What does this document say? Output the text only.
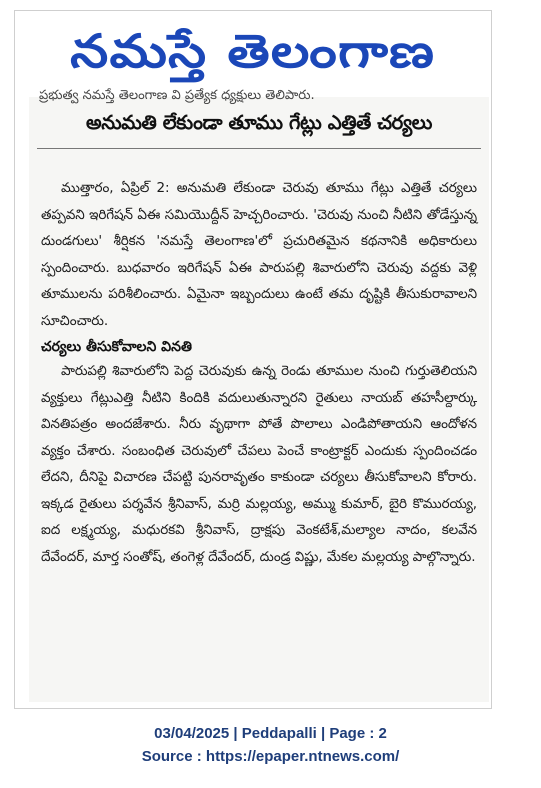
నమస్తే తెలంగాణ
ప్రభుత్వ నమస్తే తెలంగాణ వి ప్రత్యేక ధ్యక్షులు తెలిపారు.
అనుమతి లేకుండా తూము గేట్లు ఎత్తితే చర్యలు

ముత్తారం, ఏప్రిల్ 2: అనుమతి లేకుండా చెరువు తూము గేట్లు ఎత్తితే చర్యలు తప్పవని ఇరిగేషన్ ఏఈ సమియొద్దీన్ హెచ్చరించారు. 'చెరువు నుంచి నీటిని తోడేస్తున్న దుండగులు' శీర్షికన 'నమస్తే తెలంగాణ'లో ప్రచురితమైన కథనానికి అధికారులు స్పందించారు. బుధవారం ఇరిగేషన్ ఏఈ పారుపల్లి శివారులోని చెరువు వద్దకు వెళ్లి తూములను పరిశీలించారు. ఏమైనా ఇబ్బందులు ఉంటే తమ దృష్టికి తీసుకురావాలని సూచించారు.

చర్యలు తీసుకోవాలని వినతి

పారుపల్లి శివారులోని పెద్ద చెరువుకు ఉన్న రెండు తూముల నుంచి గుర్తుతెలియని వ్యక్తులు గేట్లుఎత్తి నీటిని కిందికి వదులుతున్నారని రైతులు నాయబ్ తహసీల్దార్కు వినతిపత్రం అందజేశారు. నీరు వృథాగా పోతే పొలాలు ఎండిపోతాయని ఆందోళన వ్యక్తం చేశారు. సంబంధిత చెరువులో చేపలు పెంచే కాంట్రాక్టర్ ఎందుకు స్పందించడం లేదని, దీనిపై విచారణ చేపట్టి పునరావృతం కాకుండా చర్యలు తీసుకోవాలని కోరారు. ఇక్కడ రైతులు పర్శవేన శ్రీనివాస్, మర్రి మల్లయ్య, అమ్ము కుమార్, బైరి కొమురయ్య, ఐద లక్ష్మయ్య, మధురకవి శ్రీనివాస్, ద్రాక్షపు వెంకటేశ్,మల్యాల నాదం, కలవేన దేవేందర్, మార్త సంతోష్, తంగెళ్ల దేవేందర్, దుండ్ర విష్ణు, మేకల మల్లయ్య పాల్గొన్నారు.

03/04/2025 | Peddapalli | Page : 2
Source : https://epaper.ntnews.com/
